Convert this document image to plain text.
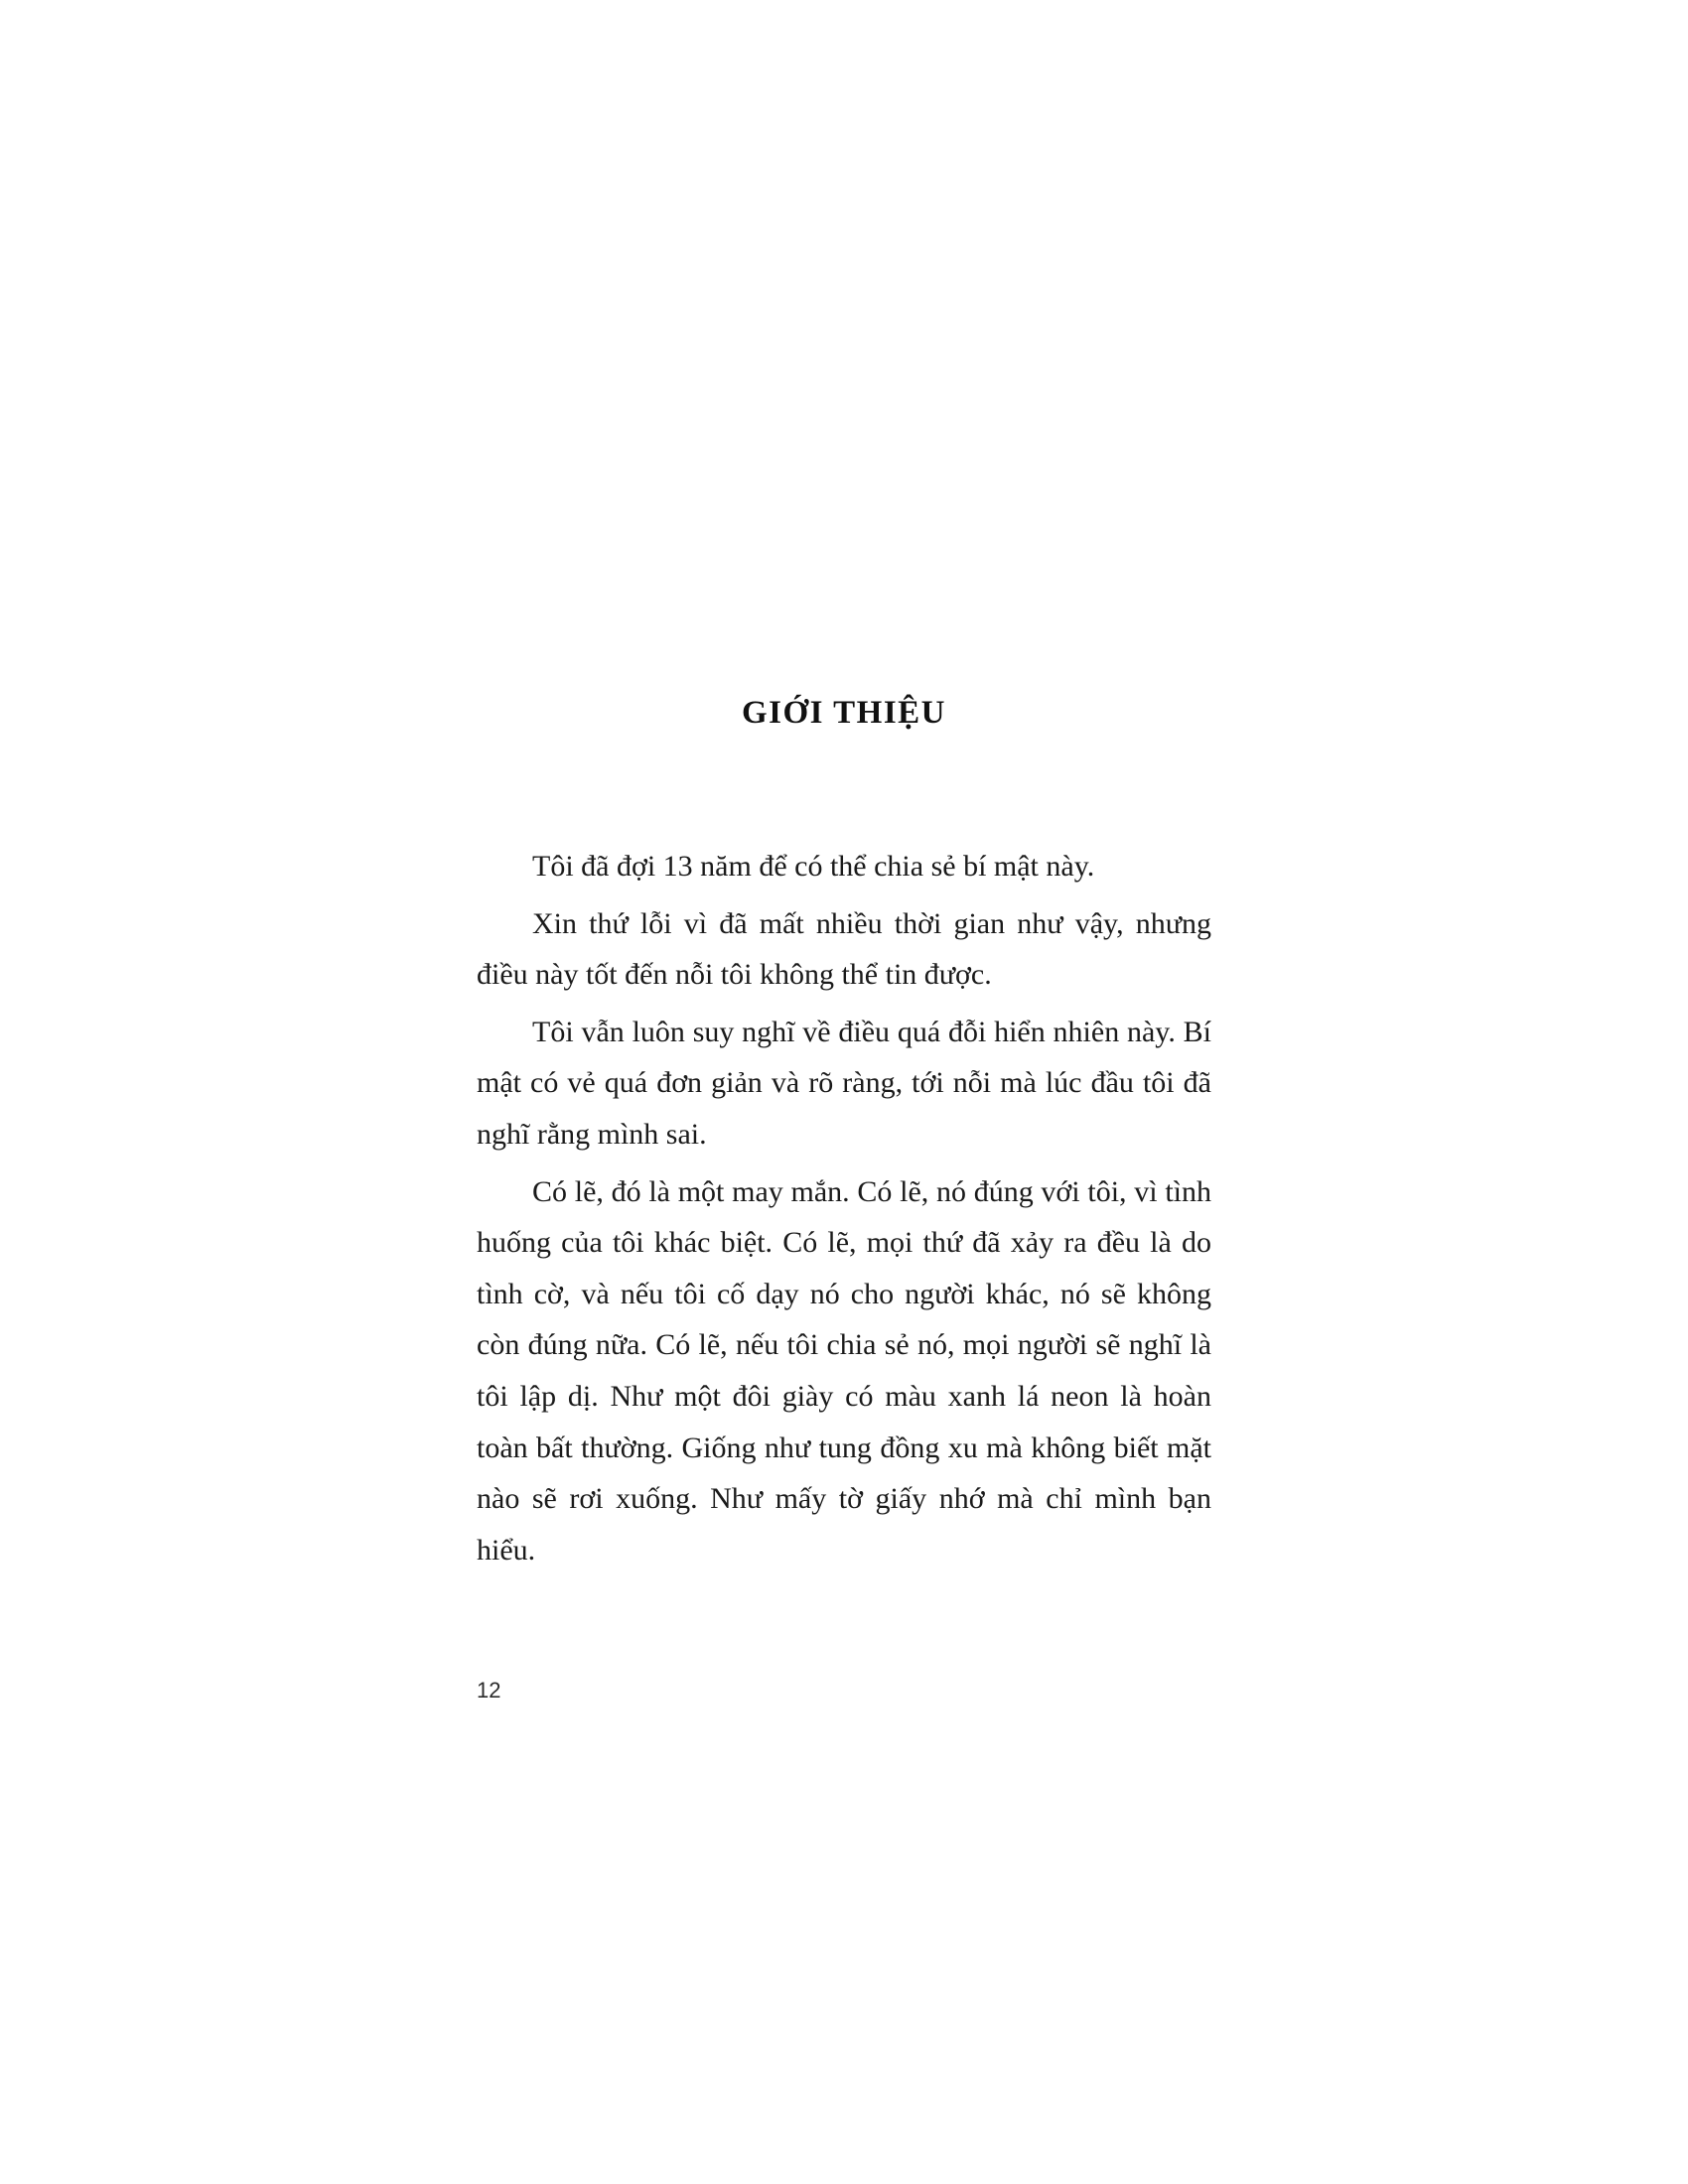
GIỚI THIỆU

Tôi đã đợi 13 năm để có thể chia sẻ bí mật này.

Xin thứ lỗi vì đã mất nhiều thời gian như vậy, nhưng điều này tốt đến nỗi tôi không thể tin được.

Tôi vẫn luôn suy nghĩ về điều quá đỗi hiển nhiên này. Bí mật có vẻ quá đơn giản và rõ ràng, tới nỗi mà lúc đầu tôi đã nghĩ rằng mình sai.

Có lẽ, đó là một may mắn. Có lẽ, nó đúng với tôi, vì tình huống của tôi khác biệt. Có lẽ, mọi thứ đã xảy ra đều là do tình cờ, và nếu tôi cố dạy nó cho người khác, nó sẽ không còn đúng nữa. Có lẽ, nếu tôi chia sẻ nó, mọi người sẽ nghĩ là tôi lập dị. Như một đôi giày có màu xanh lá neon là hoàn toàn bất thường. Giống như tung đồng xu mà không biết mặt nào sẽ rơi xuống. Như mấy tờ giấy nhớ mà chỉ mình bạn hiểu.

12
